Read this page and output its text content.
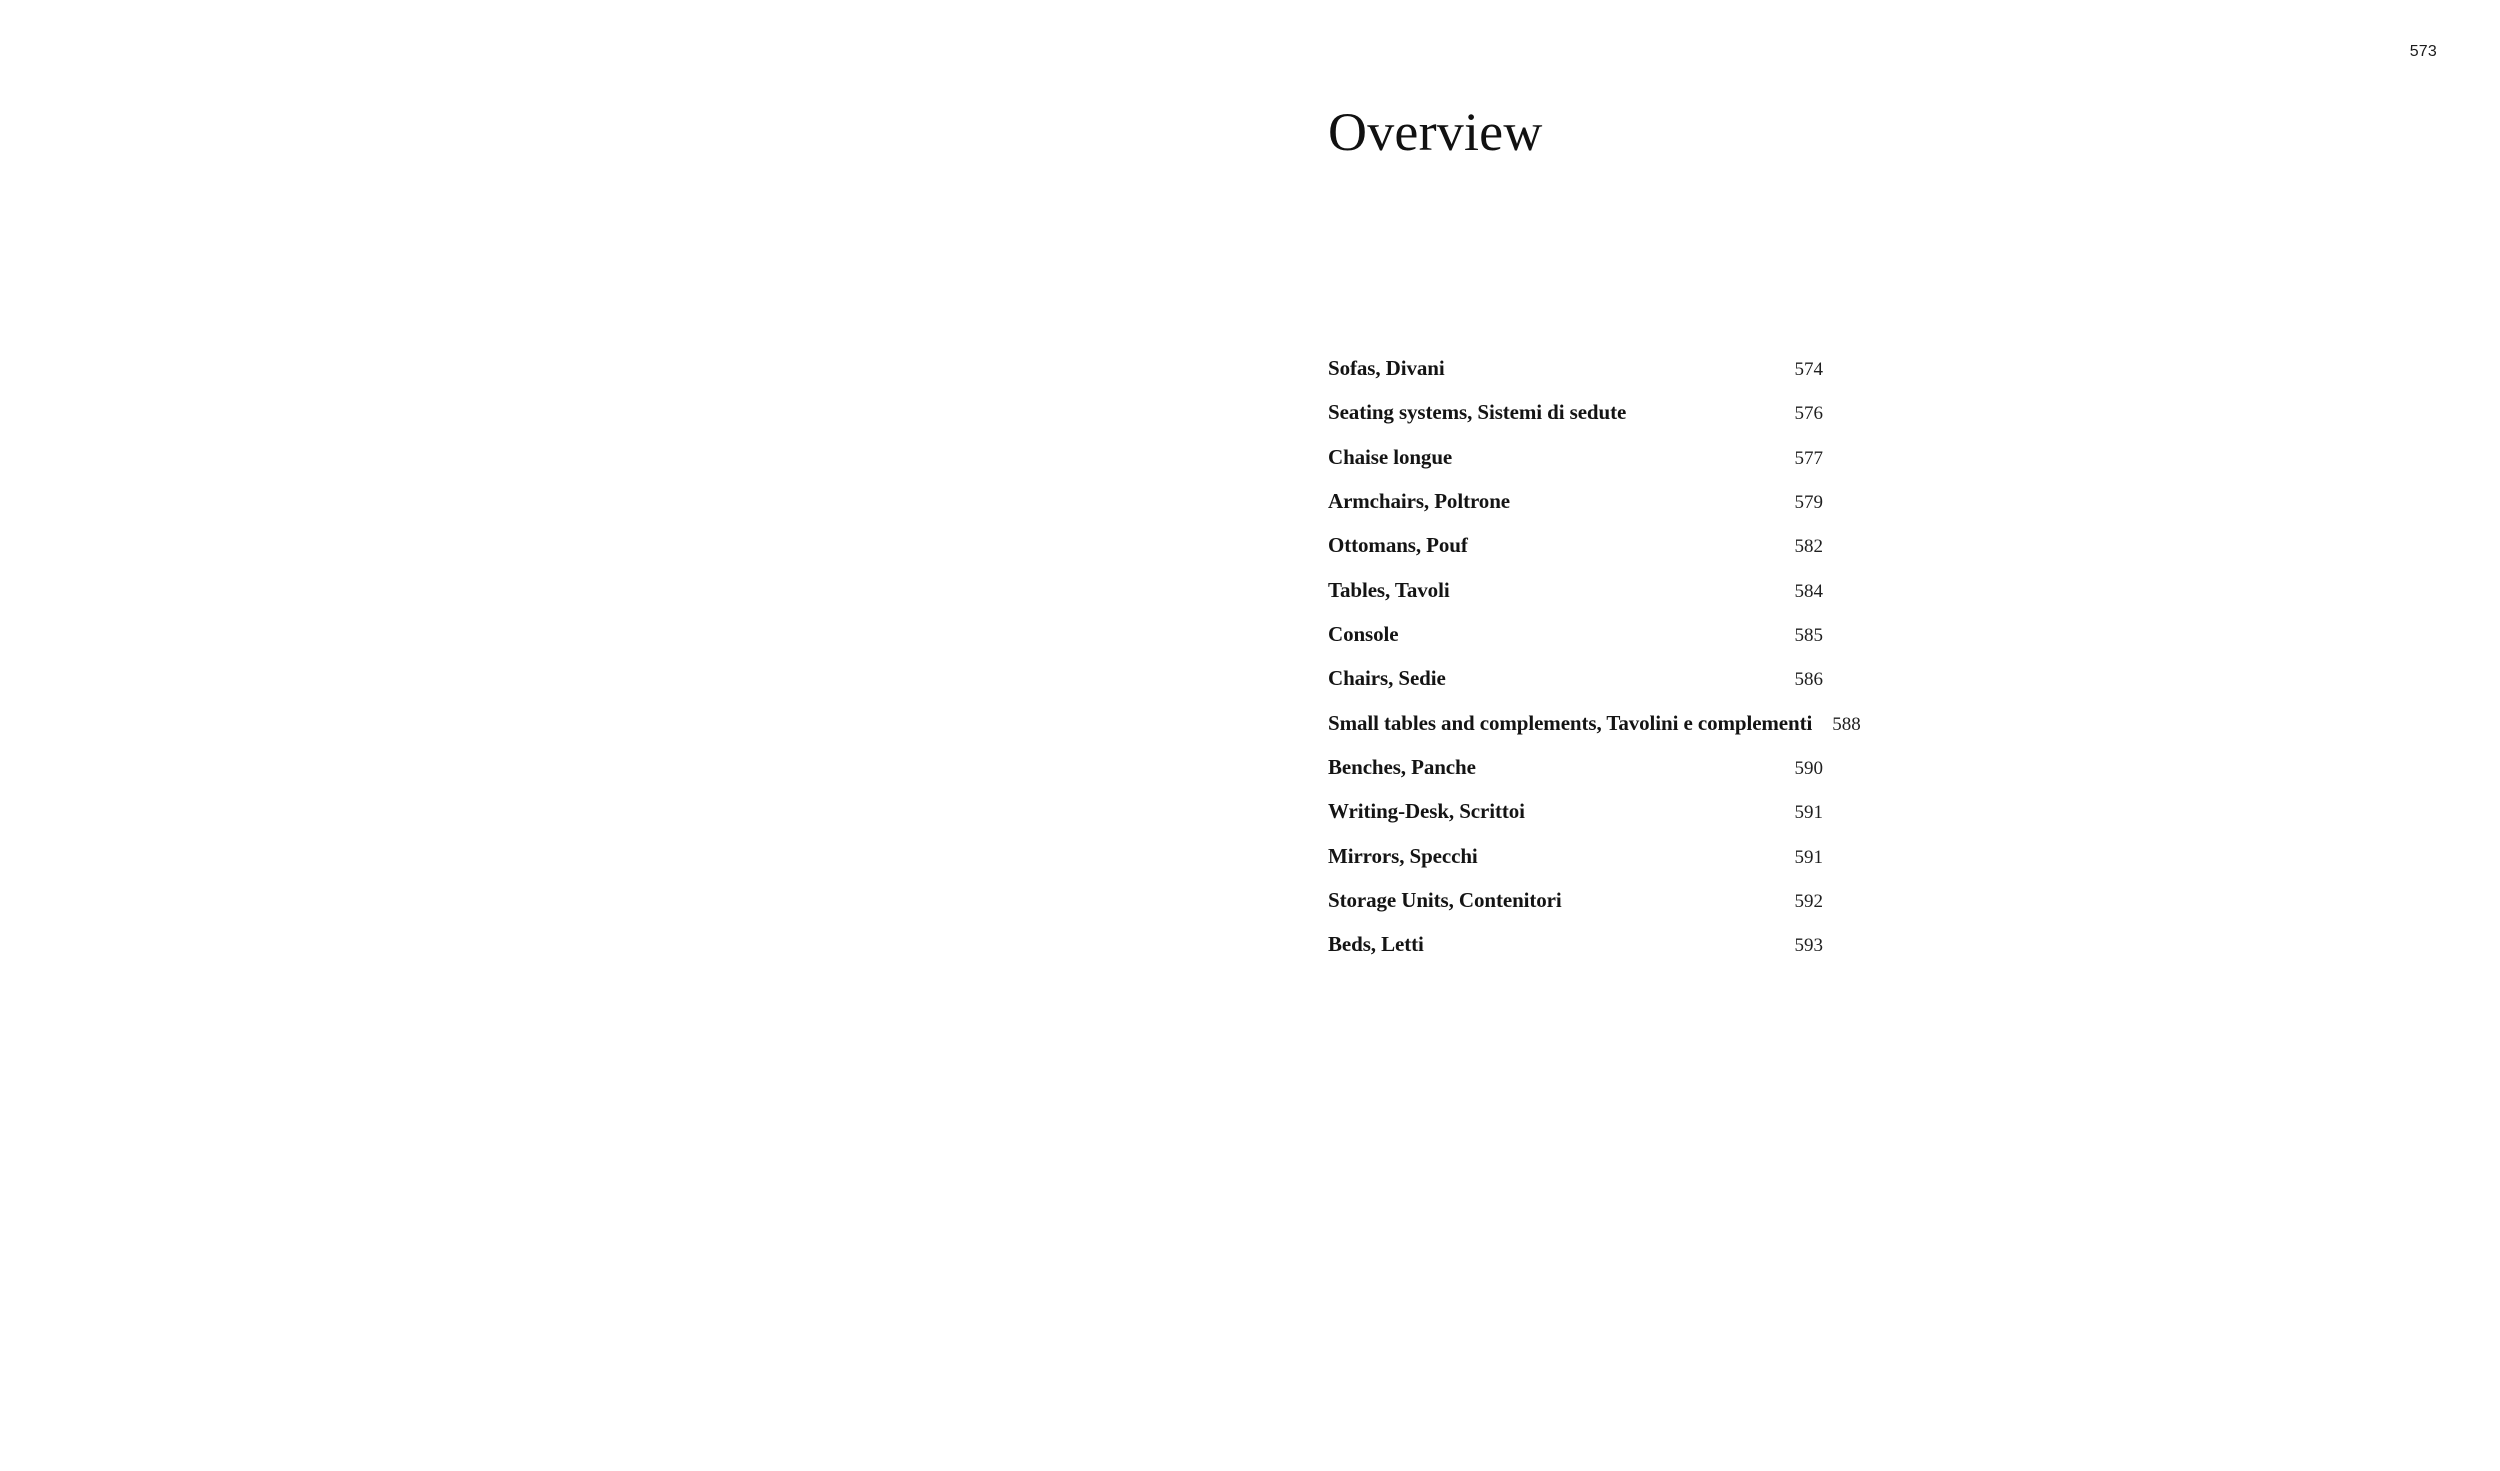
573
Overview
Sofas, Divani	574
Seating systems, Sistemi di sedute	576
Chaise longue	577
Armchairs, Poltrone	579
Ottomans, Pouf	582
Tables, Tavoli	584
Console	585
Chairs, Sedie	586
Small tables and complements, Tavolini e complementi	588
Benches, Panche	590
Writing-Desk, Scrittoi	591
Mirrors, Specchi	591
Storage Units, Contenitori	592
Beds, Letti	593
